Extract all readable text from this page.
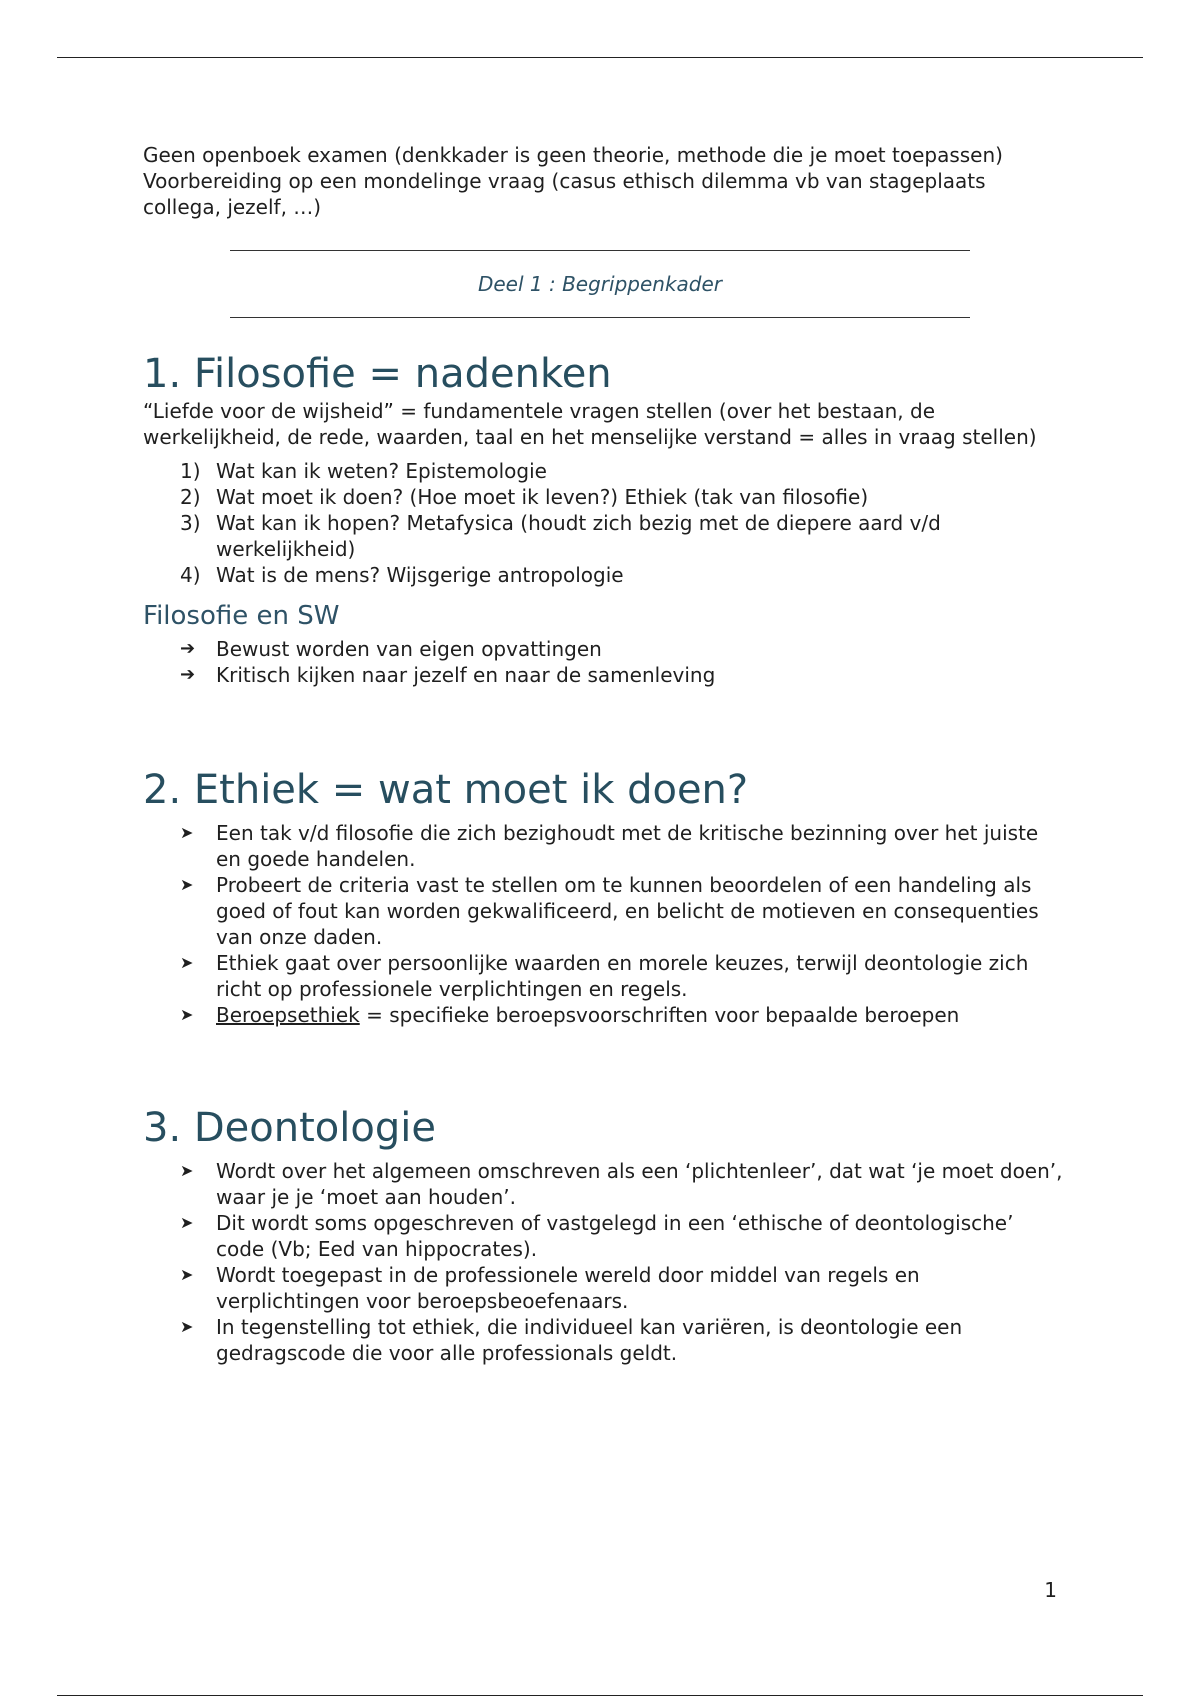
Geen openboek examen (denkkader is geen theorie, methode die je moet toepassen) Voorbereiding op een mondelinge vraag (casus ethisch dilemma vb van stageplaats collega, jezelf, …)

Deel 1 : Begrippenkader
1. Filosofie = nadenken

“Liefde voor de wijsheid” = fundamentele vragen stellen (over het bestaan, de werkelijkheid, de rede, waarden, taal en het menselijke verstand = alles in vraag stellen)

1) Wat kan ik weten? Epistemologie
2) Wat moet ik doen? (Hoe moet ik leven?) Ethiek (tak van filosofie)
3) Wat kan ik hopen? Metafysica (houdt zich bezig met de diepere aard v/d werkelijkheid)
4) Wat is de mens? Wijsgerige antropologie
Filosofie en SW
➔	Bewust worden van eigen opvattingen
➔	Kritisch kijken naar jezelf en naar de samenleving
2. Ethiek = wat moet ik doen?
➤	Een tak v/d filosofie die zich bezighoudt met de kritische bezinning over het juiste en goede handelen.
➤	Probeert de criteria vast te stellen om te kunnen beoordelen of een handeling als goed of fout kan worden gekwalificeerd, en belicht de motieven en consequenties van onze daden.
➤	Ethiek gaat over persoonlijke waarden en morele keuzes, terwijl deontologie zich richt op professionele verplichtingen en regels.
➤	Beroepsethiek = specifieke beroepsvoorschriften voor bepaalde beroepen
3. Deontologie
➤	Wordt over het algemeen omschreven als een ‘plichtenleer’, dat wat ‘je moet doen’, waar je je ‘moet aan houden’.
➤	Dit wordt soms opgeschreven of vastgelegd in een ‘ethische of deontologische’ code (Vb; Eed van hippocrates).
➤	Wordt toegepast in de professionele wereld door middel van regels en verplichtingen voor beroepsbeoefenaars.
➤	In tegenstelling tot ethiek, die individueel kan variëren, is deontologie een gedragscode die voor alle professionals geldt.
1
